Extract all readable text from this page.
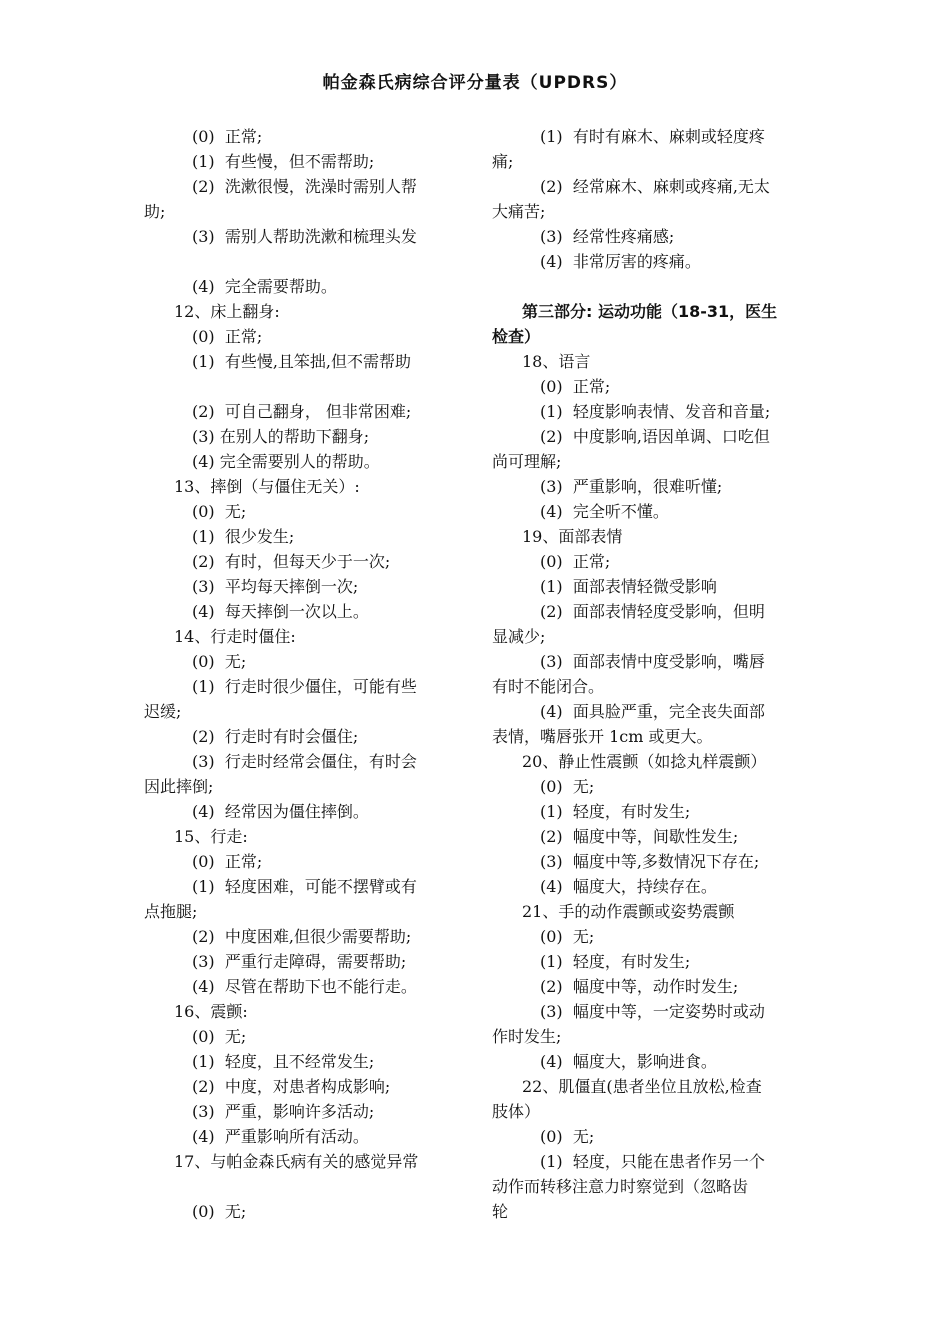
帕金森氏病综合评分量表（UPDRS）
(0)  正常;
(1)  有些慢，但不需帮助;
(2)  洗漱很慢，洗澡时需别人帮
助;
(3)  需别人帮助洗漱和梳理头发
(4)  完全需要帮助。
12、床上翻身:
(0)  正常;
(1)  有些慢,且笨拙,但不需帮助
(2)  可自己翻身， 但非常困难;
(3) 在别人的帮助下翻身;
(4) 完全需要别人的帮助。
13、摔倒（与僵住无关）:
(0)  无;
(1)  很少发生;
(2)  有时，但每天少于一次;
(3)  平均每天摔倒一次;
(4)  每天摔倒一次以上。
14、行走时僵住:
(0)  无;
(1)  行走时很少僵住，可能有些
迟缓;
(2)  行走时有时会僵住;
(3)  行走时经常会僵住，有时会
因此摔倒;
(4)  经常因为僵住摔倒。
15、行走:
(0)  正常;
(1)  轻度困难，可能不摆臂或有
点拖腿;
(2)  中度困难,但很少需要帮助;
(3)  严重行走障碍，需要帮助;
(4)  尽管在帮助下也不能行走。
16、震颤:
(0)  无;
(1)  轻度，且不经常发生;
(2)  中度，对患者构成影响;
(3)  严重，影响许多活动;
(4)  严重影响所有活动。
17、与帕金森氏病有关的感觉异常
(0)  无;
(1)  有时有麻木、麻刺或轻度疼
痛;
(2)  经常麻木、麻刺或疼痛,无太
大痛苦;
(3)  经常性疼痛感;
(4)  非常厉害的疼痛。
第三部分: 运动功能（18-31，医生
检查）
18、语言
(0)  正常;
(1)  轻度影响表情、发音和音量;
(2)  中度影响,语因单调、口吃但
尚可理解;
(3)  严重影响，很难听懂;
(4)  完全听不懂。
19、面部表情
(0)  正常;
(1)  面部表情轻微受影响
(2)  面部表情轻度受影响，但明
显减少;
(3)  面部表情中度受影响，嘴唇
有时不能闭合。
(4)  面具脸严重，完全丧失面部
表情，嘴唇张开 1cm 或更大。
20、静止性震颤（如捻丸样震颤）
(0)  无;
(1)  轻度，有时发生;
(2)  幅度中等，间歇性发生;
(3)  幅度中等,多数情况下存在;
(4)  幅度大，持续存在。
21、手的动作震颤或姿势震颤
(0)  无;
(1)  轻度，有时发生;
(2)  幅度中等，动作时发生;
(3)  幅度中等，一定姿势时或动
作时发生;
(4)  幅度大，影响进食。
22、肌僵直(患者坐位且放松,检查
肢体）
(0)  无;
(1)  轻度，只能在患者作另一个
动作而转移注意力时察觉到（忽略齿
轮
